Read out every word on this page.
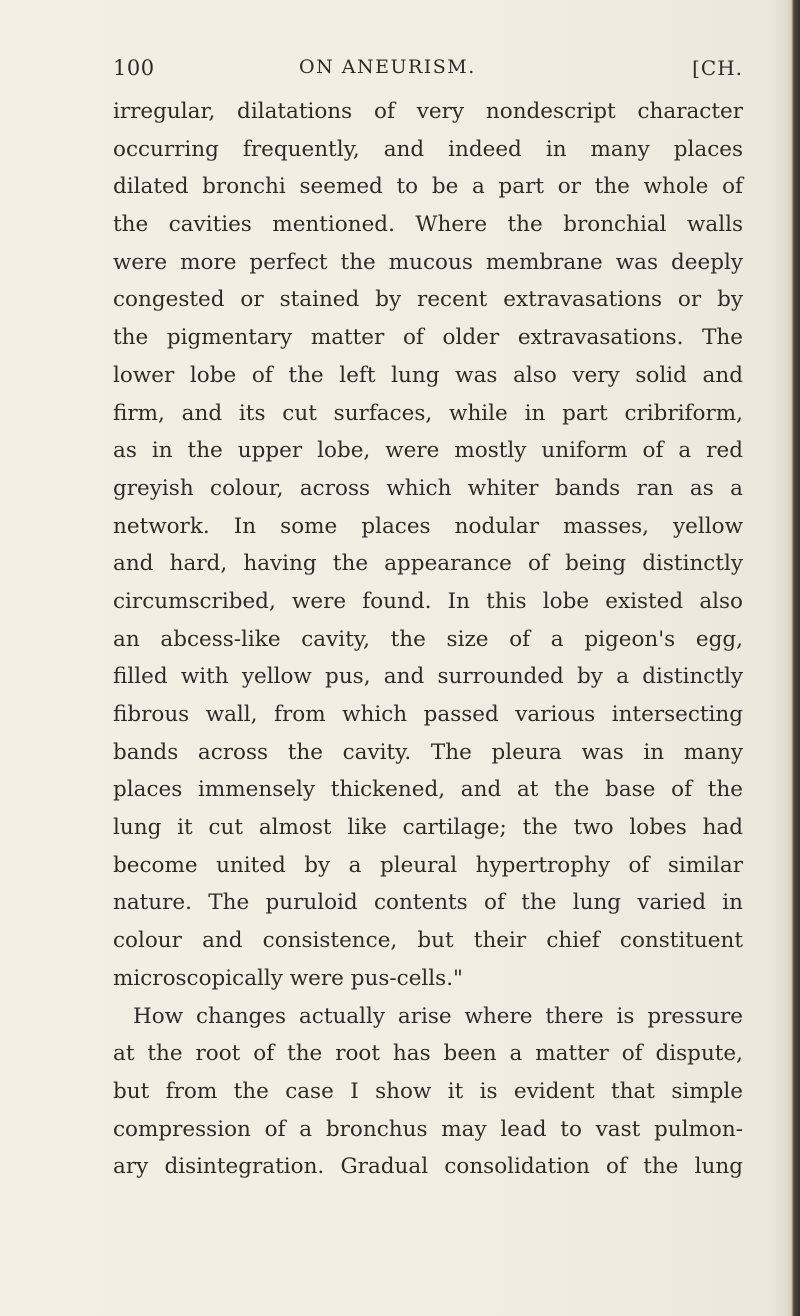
100	ON ANEURISM.	[CH.
irregular, dilatations of very nondescript character
occurring frequently, and indeed in many places
dilated bronchi seemed to be a part or the whole of
the cavities mentioned. Where the bronchial walls
were more perfect the mucous membrane was deeply
congested or stained by recent extravasations or by
the pigmentary matter of older extravasations. The
lower lobe of the left lung was also very solid and
firm, and its cut surfaces, while in part cribriform,
as in the upper lobe, were mostly uniform of a red
greyish colour, across which whiter bands ran as a
network. In some places nodular masses, yellow
and hard, having the appearance of being distinctly
circumscribed, were found. In this lobe existed also
an abcess-like cavity, the size of a pigeon's egg,
filled with yellow pus, and surrounded by a distinctly
fibrous wall, from which passed various intersecting
bands across the cavity. The pleura was in many
places immensely thickened, and at the base of the
lung it cut almost like cartilage; the two lobes had
become united by a pleural hypertrophy of similar
nature. The puruloid contents of the lung varied in
colour and consistence, but their chief constituent
microscopically were pus-cells."
How changes actually arise where there is pressure
at the root of the root has been a matter of dispute,
but from the case I show it is evident that simple
compression of a bronchus may lead to vast pulmon-
ary disintegration. Gradual consolidation of the lung
